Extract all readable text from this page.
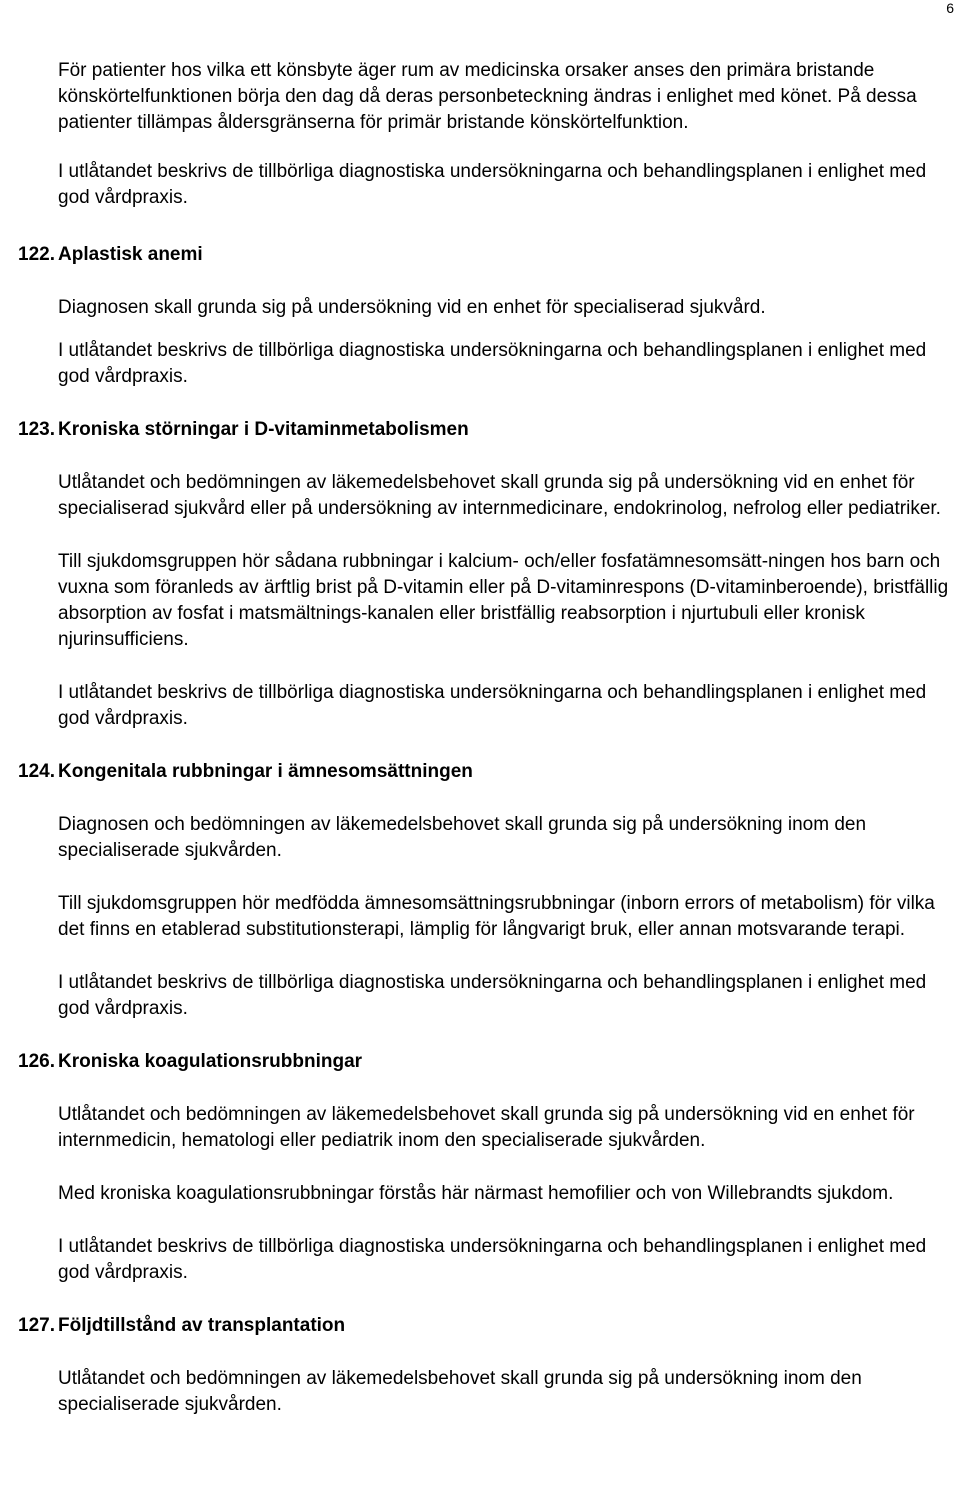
6

För patienter hos vilka ett könsbyte äger rum av medicinska orsaker anses den primära bristande könskörtelfunktionen börja den dag då deras personbeteckning ändras i enlighet med könet. På dessa patienter tillämpas åldersgränserna för primär bristande könskörtelfunktion.

I utlåtandet beskrivs de tillbörliga diagnostiska undersökningarna och behandlingsplanen i enlighet med god vårdpraxis.

122. Aplastisk anemi

Diagnosen skall grunda sig på undersökning vid en enhet för specialiserad sjukvård.

I utlåtandet beskrivs de tillbörliga diagnostiska undersökningarna och behandlingsplanen i enlighet med god vårdpraxis.

123. Kroniska störningar i D-vitaminmetabolismen

Utlåtandet och bedömningen av läkemedelsbehovet skall grunda sig på undersökning vid en enhet för specialiserad sjukvård eller på undersökning av internmedicinare, endokrinolog, nefrolog eller pediatriker.

Till sjukdomsgruppen hör sådana rubbningar i kalcium- och/eller fosfatämnesomsätt-ningen hos barn och vuxna som föranleds av ärftlig brist på D-vitamin eller på D-vitaminrespons (D-vitaminberoende), bristfällig absorption av fosfat i matsmältnings-kanalen eller bristfällig reabsorption i njurtubuli eller kronisk njurinsufficiens.

I utlåtandet beskrivs de tillbörliga diagnostiska undersökningarna och behandlingsplanen i enlighet med god vårdpraxis.

124. Kongenitala rubbningar i ämnesomsättningen

Diagnosen och bedömningen av läkemedelsbehovet skall grunda sig på undersökning inom den specialiserade sjukvården.

Till sjukdomsgruppen hör medfödda ämnesomsättningsrubbningar (inborn errors of metabolism) för vilka det finns en etablerad substitutionsterapi, lämplig för långvarigt bruk, eller annan motsvarande terapi.

I utlåtandet beskrivs de tillbörliga diagnostiska undersökningarna och behandlingsplanen i enlighet med god vårdpraxis.

126. Kroniska koagulationsrubbningar

Utlåtandet och bedömningen av läkemedelsbehovet skall grunda sig på undersökning vid en enhet för internmedicin, hematologi eller pediatrik inom den specialiserade sjukvården.

Med kroniska koagulationsrubbningar förstås här närmast hemofilier och von Willebrandts sjukdom.

I utlåtandet beskrivs de tillbörliga diagnostiska undersökningarna och behandlingsplanen i enlighet med god vårdpraxis.

127. Följdtillstånd av transplantation

Utlåtandet och bedömningen av läkemedelsbehovet skall grunda sig på undersökning inom den specialiserade sjukvården.
